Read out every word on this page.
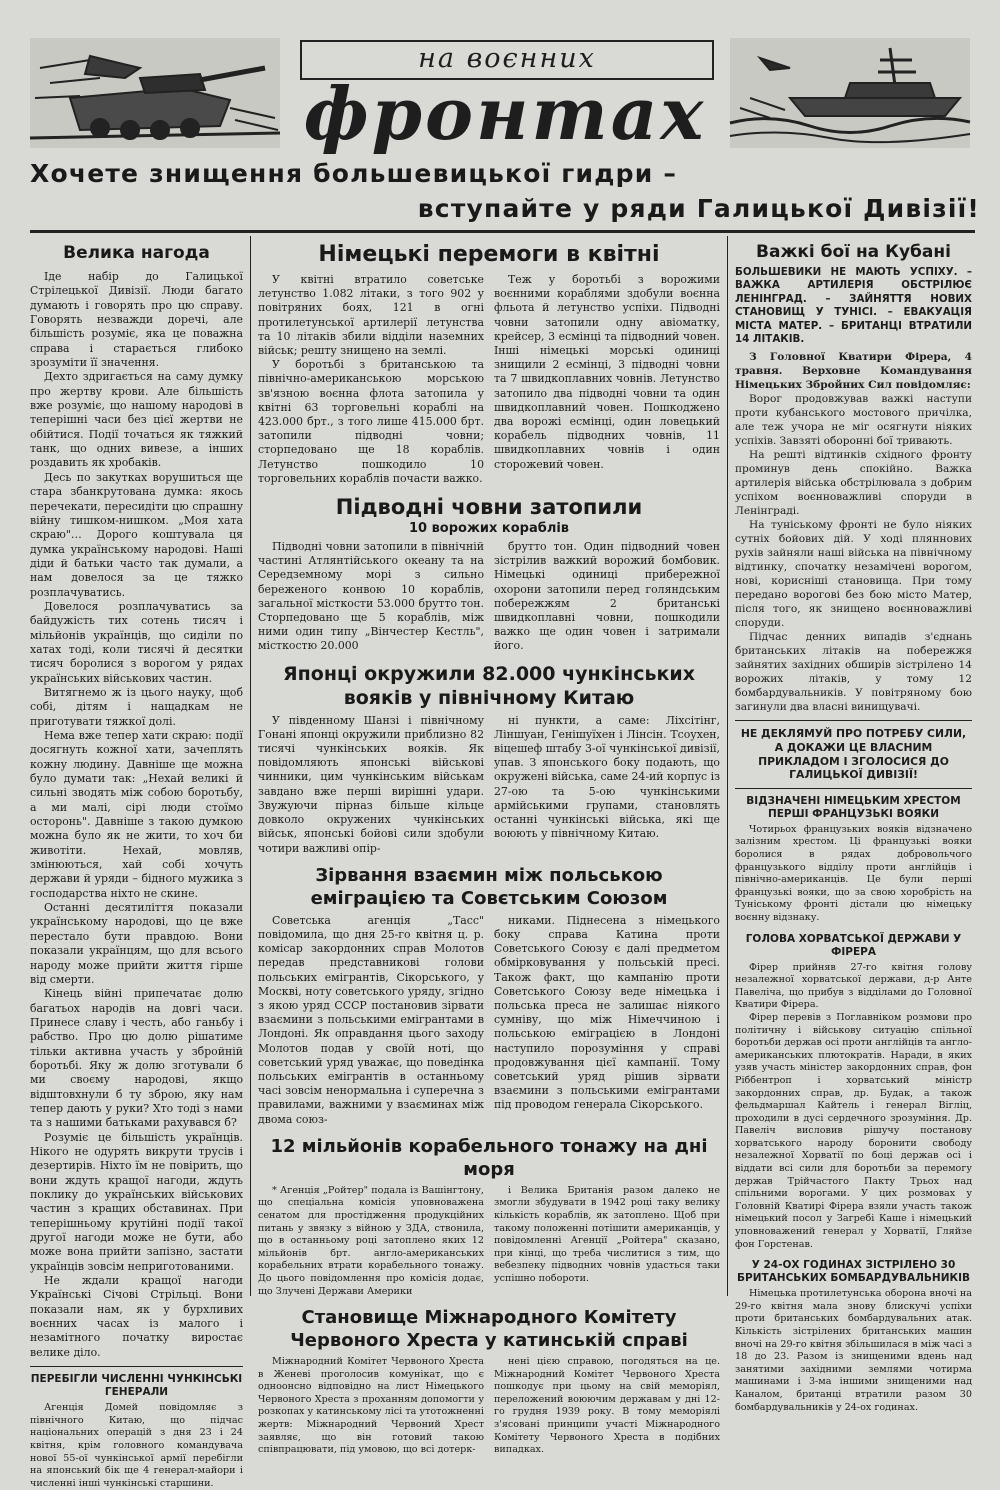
на воєнних
фронтах
Хочете знищення большевицької гидри –
вступайте у ряди Галицької Дивізії!
Велика нагода

Іде набір до Галицької Стрілецької Дивізії. Люди багато думають і говорять про цю справу. Говорять незважди доречі, але більшість розуміє, яка це поважна справа і старається глибоко зрозуміти її значення.

Дехто здригається на саму думку про жертву крови. Але більшість вже розуміє, що нашому народові в теперішні часи без цієї жертви не обійтися. Події точаться як тяжкий танк, що одних вивезе, а інших роздавить як хробаків.

Десь по закутках ворушиться ще стара збанкрутована думка: якось перечекати, пересидіти цю спрашну війну тишком-нишком. „Моя хата скраю"… Дорого коштувала ця думка українському народові. Наші діди й батьки часто так думали, а нам довелося за це тяжко розплачуватись.

Довелося розплачуватись за байдужість тих сотень тисяч і мільйонів українців, що сиділи по хатах тоді, коли тисячі й десятки тисяч боролися з ворогом у рядах українських військових частин.

Витягнемо ж із цього науку, щоб собі, дітям і нащадкам не приготувати тяжкої долі.

Нема вже тепер хати скраю: події досягнуть кожної хати, зачеплять кожну людину. Давніше ще можна було думати так: „Нехай великі й сильні зводять між собою боротьбу, а ми малі, сірі люди стоїмо осторонь". Давніше з такою думкою можна було як не жити, то хоч би животіти. Нехай, мовляв, змінюються, хай собі хочуть держави й уряди – бідного мужика з господарства ніхто не скине.

Останні десятиліття показали українському народові, що це вже перестало бути правдою. Вони показали українцям, що для всього народу може прийти життя гірше від смерти.

Кінець війні припечатає долю багатьох народів на довгі часи. Принесе славу і честь, або ганьбу і рабство. Про цю долю рішатиме тільки активна участь у збройній боротьбі. Яку ж долю зготували б ми своєму народові, якщо відштовхнули б ту зброю, яку нам тепер дають у руки? Хто тоді з нами та з нашими батьками рахувався б?

Розуміє це більшість українців. Нікого не одурять викрути трусів і дезертирів. Ніхто їм не повірить, що вони ждуть кращої нагоди, ждуть поклику до українських військових частин з кращих обставинах. При теперішньому крутійні події такої другої нагоди може не бути, або може вона прийти запізно, застати українців зовсім неприготованими.

Не ждали кращої нагоди Українські Січові Стрільці. Вони показали нам, як у бурхливих воєнних часах із малого і незамітного початку виростає велике діло.

ПЕРЕБІГЛИ ЧИСЛЕННІ ЧУНКІНСЬКІ ГЕНЕРАЛИ

Агенція Домей повідомляє з північного Китаю, що підчас національних операцій з дня 23 і 24 квітня, крім головного командувача нової 55-ої чункінської армії перебігли на японський бік ще 4 генерал-майори і численні інші чункінські старшини.

Німецькі перемоги в квітні

У квітні втратило советське летунство 1.082 літаки, з того 902 у повітряних боях, 121 в огні протилетунської артилерії летунства та 10 літаків збили відділи наземних військ; решту знищено на землі.

У боротьбі з британською та північно-американською морською зв'язною воєнна флота затопила у квітні 63 торговельні кораблі на 423.000 брт., з того лише 415.000 брт. затопили підводні човни; сторпедовано ще 18 кораблів. Летунство пошкодило 10 торговельних кораблів почасти важко.

Теж у боротьбі з ворожими воєнними кораблями здобули воєнна фльота й летунство успіхи. Підводні човни затопили одну авіоматку, крейсер, 3 есмінці та підводний човен. Інші німецькі морські одиниці знищили 2 есмінці, 3 підводні човни та 7 швидкоплавних човнів. Летунство затопило два підводні човни та один швидкоплавний човен. Пошкоджено два ворожі есмінці, один ловецький корабель підводних човнів, 11 швидкоплавних човнів і один сторожевий човен.

Підводні човни затопили
10 ворожих кораблів

Підводні човни затопили в північній частині Атлянтійського океану та на Середземному морі з сильно береженого конвою 10 кораблів, загальної місткости 53.000 брутто тон. Сторпедовано ще 5 кораблів, між ними один типу „Вінчестер Кестль", місткостю 20.000

брутто тон. Один підводний човен зістрілив важкий ворожий бомбовик. Німецькі одиниці прибережної охорони затопили перед голяндським побережжям 2 британські швидкоплавні човни, пошкодили важко ще один човен і затримали його.

Японці окружили 82.000 чункінських вояків у північному Китаю

У південному Шанзі і північному Гонані японці окружили приблизно 82 тисячі чункінських вояків. Як повідомляють японські військові чинники, цим чункінським військам завдано вже перші вирішні удари. Звужуючи пірназ більше кільце довколо окружених чункінських військ, японські бойові сили здобули чотири важливі опір-

ні пункти, а саме: Ліхсітінг, Ліншуан, Генішуїхен і Лінсін. Тсоухен, віцешеф штабу 3-ої чункінської дивізії, упав. З японського боку подають, що окружені війська, саме 24-ий корпус із 27-ою та 5-ою чункінськими армійськими групами, становлять останні чункінські війська, які ще воюють у північному Китаю.

Зірвання взаємин між польською еміграцією та Совєтським Союзом

Советська агенція „Тасс" повідомила, що дня 25-го квітня ц. р. комісар закордонних справ Молотов передав представникові голови польських емігрантів, Сікорського, у Москві, ноту советського уряду, згідно з якою уряд СССР постановив зірвати взаємини з польськими емігрантами в Лондоні. Як оправдання цього заходу Молотов подав у своїй ноті, що советський уряд уважає, що поведінка польських емігрантів в останньому часі зовсім ненормальна і суперечна з правилами, важними у взаєминах між двома союз-

никами. Піднесена з німецького боку справа Катина проти Советського Союзу є далі предметом обмірковування у польській пресі. Також факт, що кампанію проти Советського Союзу веде німецька і польська преса не залишає ніякого сумніву, що між Німеччиною і польською еміграцією в Лондоні наступило порозуміння у справі продовжування цієї кампанії. Тому советський уряд рішив зірвати взаємини з польськими емігрантами під проводом генерала Сікорського.

12 мільйонів корабельного тонажу на дні моря

* Агенція „Ройтер" подала із Вашінгтону, що спеціальна комісія уповноважена сенатом для простідження продукційних питань у звязку з війною у ЗДА, ствонила, що в останньому році затоплено яких 12 мільйонів брт. англо-американських корабельних втрати корабельного тонажу. До цього повідомлення про комісія додає, що Злучені Держави Америки

і Велика Британія разом далеко не змогли збудувати в 1942 році таку велику кількість кораблів, як затоплено. Щоб при такому положенні потішити американців, у повідомленні Агенції „Ройтера" сказано, при кінці, що треба числитися з тим, що вебезпеку підводних човнів удасться таки успішно побороти.

Становище Міжнародного Комітету Червоного Хреста у катинській справі

Міжнародний Комітет Червоного Хреста в Женеві проголосив комунікат, що є одноонсно відповідно на лист Німецького Червоного Хреста з проханням допомогти у розкопах у катинському лісі та утотожненні жертв: Міжнародний Червоний Хрест заявляє, що він готовий такою співпрацювати, під умовою, що всі дотерк-

нені цією справою, погодяться на це. Міжнародний Комітет Червоного Хреста пошкодує при цьому на свій меморіял, переложений воюючим державам у дні 12-го грудня 1939 року. В тому меморіялі з'ясовані принципи участі Міжнародного Комітету Червоного Хреста в подібних випадках.

Важкі бої на Кубані
БОЛЬШЕВИКИ НЕ МАЮТЬ УСПІХУ. – ВАЖКА АРТИЛЕРІЯ ОБСТРІЛЮЄ ЛЕНІНГРАД. – ЗАЙНЯТТЯ НОВИХ СТАНОВИЩ У ТУНІСІ. – ЕВАКУАЦІЯ МІСТА МАТЕР. – БРИТАНЦІ ВТРАТИЛИ 14 ЛІТАКІВ.

З Головної Кватири Фірера, 4 травня. Верховне Командування Німецьких Збройних Сил повідомляє:

Ворог продовжував важкі наступи проти кубанського мостового причілка, але теж учора не міг осягнути ніяких успіхів. Завзяті оборонні бої тривають.

На решті відтинків східного фронту проминув день спокійно. Важка артилерія війська обстрілювала з добрим успіхом воєнноважливі споруди в Ленінграді.

На туніському фронті не було ніяких сутніх бойових дій. У ході пляннових рухів зайняли наші війська на північному відтинку, спочатку незамічені ворогом, нові, корисніші становища. При тому передано ворогові без бою місто Матер, після того, як знищено воєнноважливі споруди.

Підчас денних випадів з'єднань британських літаків на побережжя зайнятих західних обширів зістрілено 14 ворожих літаків, у тому 12 бомбардувальників. У повітряному бою загинули два власні винищувачі.

НЕ ДЕКЛЯМУЙ ПРО ПОТРЕБУ СИЛИ, А ДОКАЖИ ЦЕ ВЛАСНИМ ПРИКЛАДОМ І ЗГОЛОСИСЯ ДО ГАЛИЦЬКОЇ ДИВІЗІЇ!
ВІДЗНАЧЕНІ НІМЕЦЬКИМ ХРЕСТОМ ПЕРШІ ФРАНЦУЗЬКІ ВОЯКИ

Чотирьох французьких вояків відзначено залізним хрестом. Ці французькі вояки боролися в рядах добровольчого французького відділу проти англійців і північно-американців. Це були перші французькі вояки, що за свою хоробрість на Туніському фронті дістали цю німецьку воєнну відзнаку.

ГОЛОВА ХОРВАТСЬКОЇ ДЕРЖАВИ У ФІРЕРА

Фірер прийняв 27-го квітня голову незалежної хорватської держави, д-р Анте Павеліча, що прибув з відділами до Головної Кватири Фірера.

Фірер перевів з Поглавніком розмови про політичну і військову ситуацію спільної боротьби держав осі проти англійців та англо-американських плютократів. Наради, в яких узяв участь міністер закордонних справ, фон Ріббентроп і хорватський міністр закордонних справ, др. Будак, а також фельдмаршал Кайтель і генерал Вігліц, проходили в дусі сердечного зрозуміння. Др. Павеліч висловив рішучу постанову хорватського народу боронити свободу незалежної Хорватії по боці держав осі і віддати всі сили для боротьби за перемогу держав Трійчастого Пакту Трьох над спільними ворогами. У цих розмовах у Головній Кватирі Фірера взяли участь також німецький посол у Загребі Каше і німецький уповноважений генерал у Хорватії, Гляйзе фон Горстенав.

У 24-ОХ ГОДИНАХ ЗІСТРІЛЕНО 30 БРИТАНСЬКИХ БОМБАРДУВАЛЬНИКІВ

Німецька протилетунська оборона вночі на 29-го квітня мала знову блискучі успіхи проти британських бомбардувальних атак. Кількість зістрілених британських машин вночі на 29-го квітня збільшилася в між часі з 18 до 23. Разом із знищеними вдень над занятими західними землями чотирма машинами і 3-ма іншими знищеними над Каналом, британці втратили разом 30 бомбардувальників у 24-ох годинах.
